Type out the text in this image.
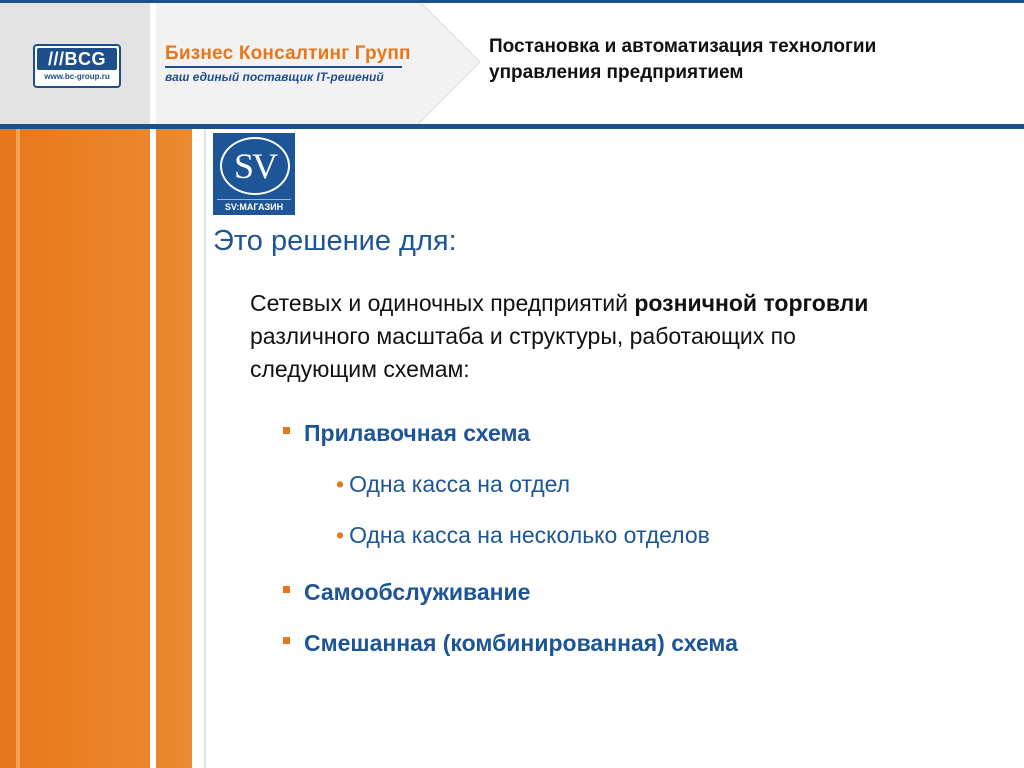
///BCG
www.bc-group.ru
Бизнес Консалтинг Групп
ваш единый поставщик IT-решений
Постановка и автоматизация технологии
управления предприятием
SV
SV:МАГАЗИН
Это решение для:
Сетевых и одиночных предприятий розничной торговли различного масштаба и структуры, работающих по следующим схемам:
Прилавочная схема
• Одна касса на отдел
• Одна касса на несколько отделов
Самообслуживание
Смешанная (комбинированная) схема
